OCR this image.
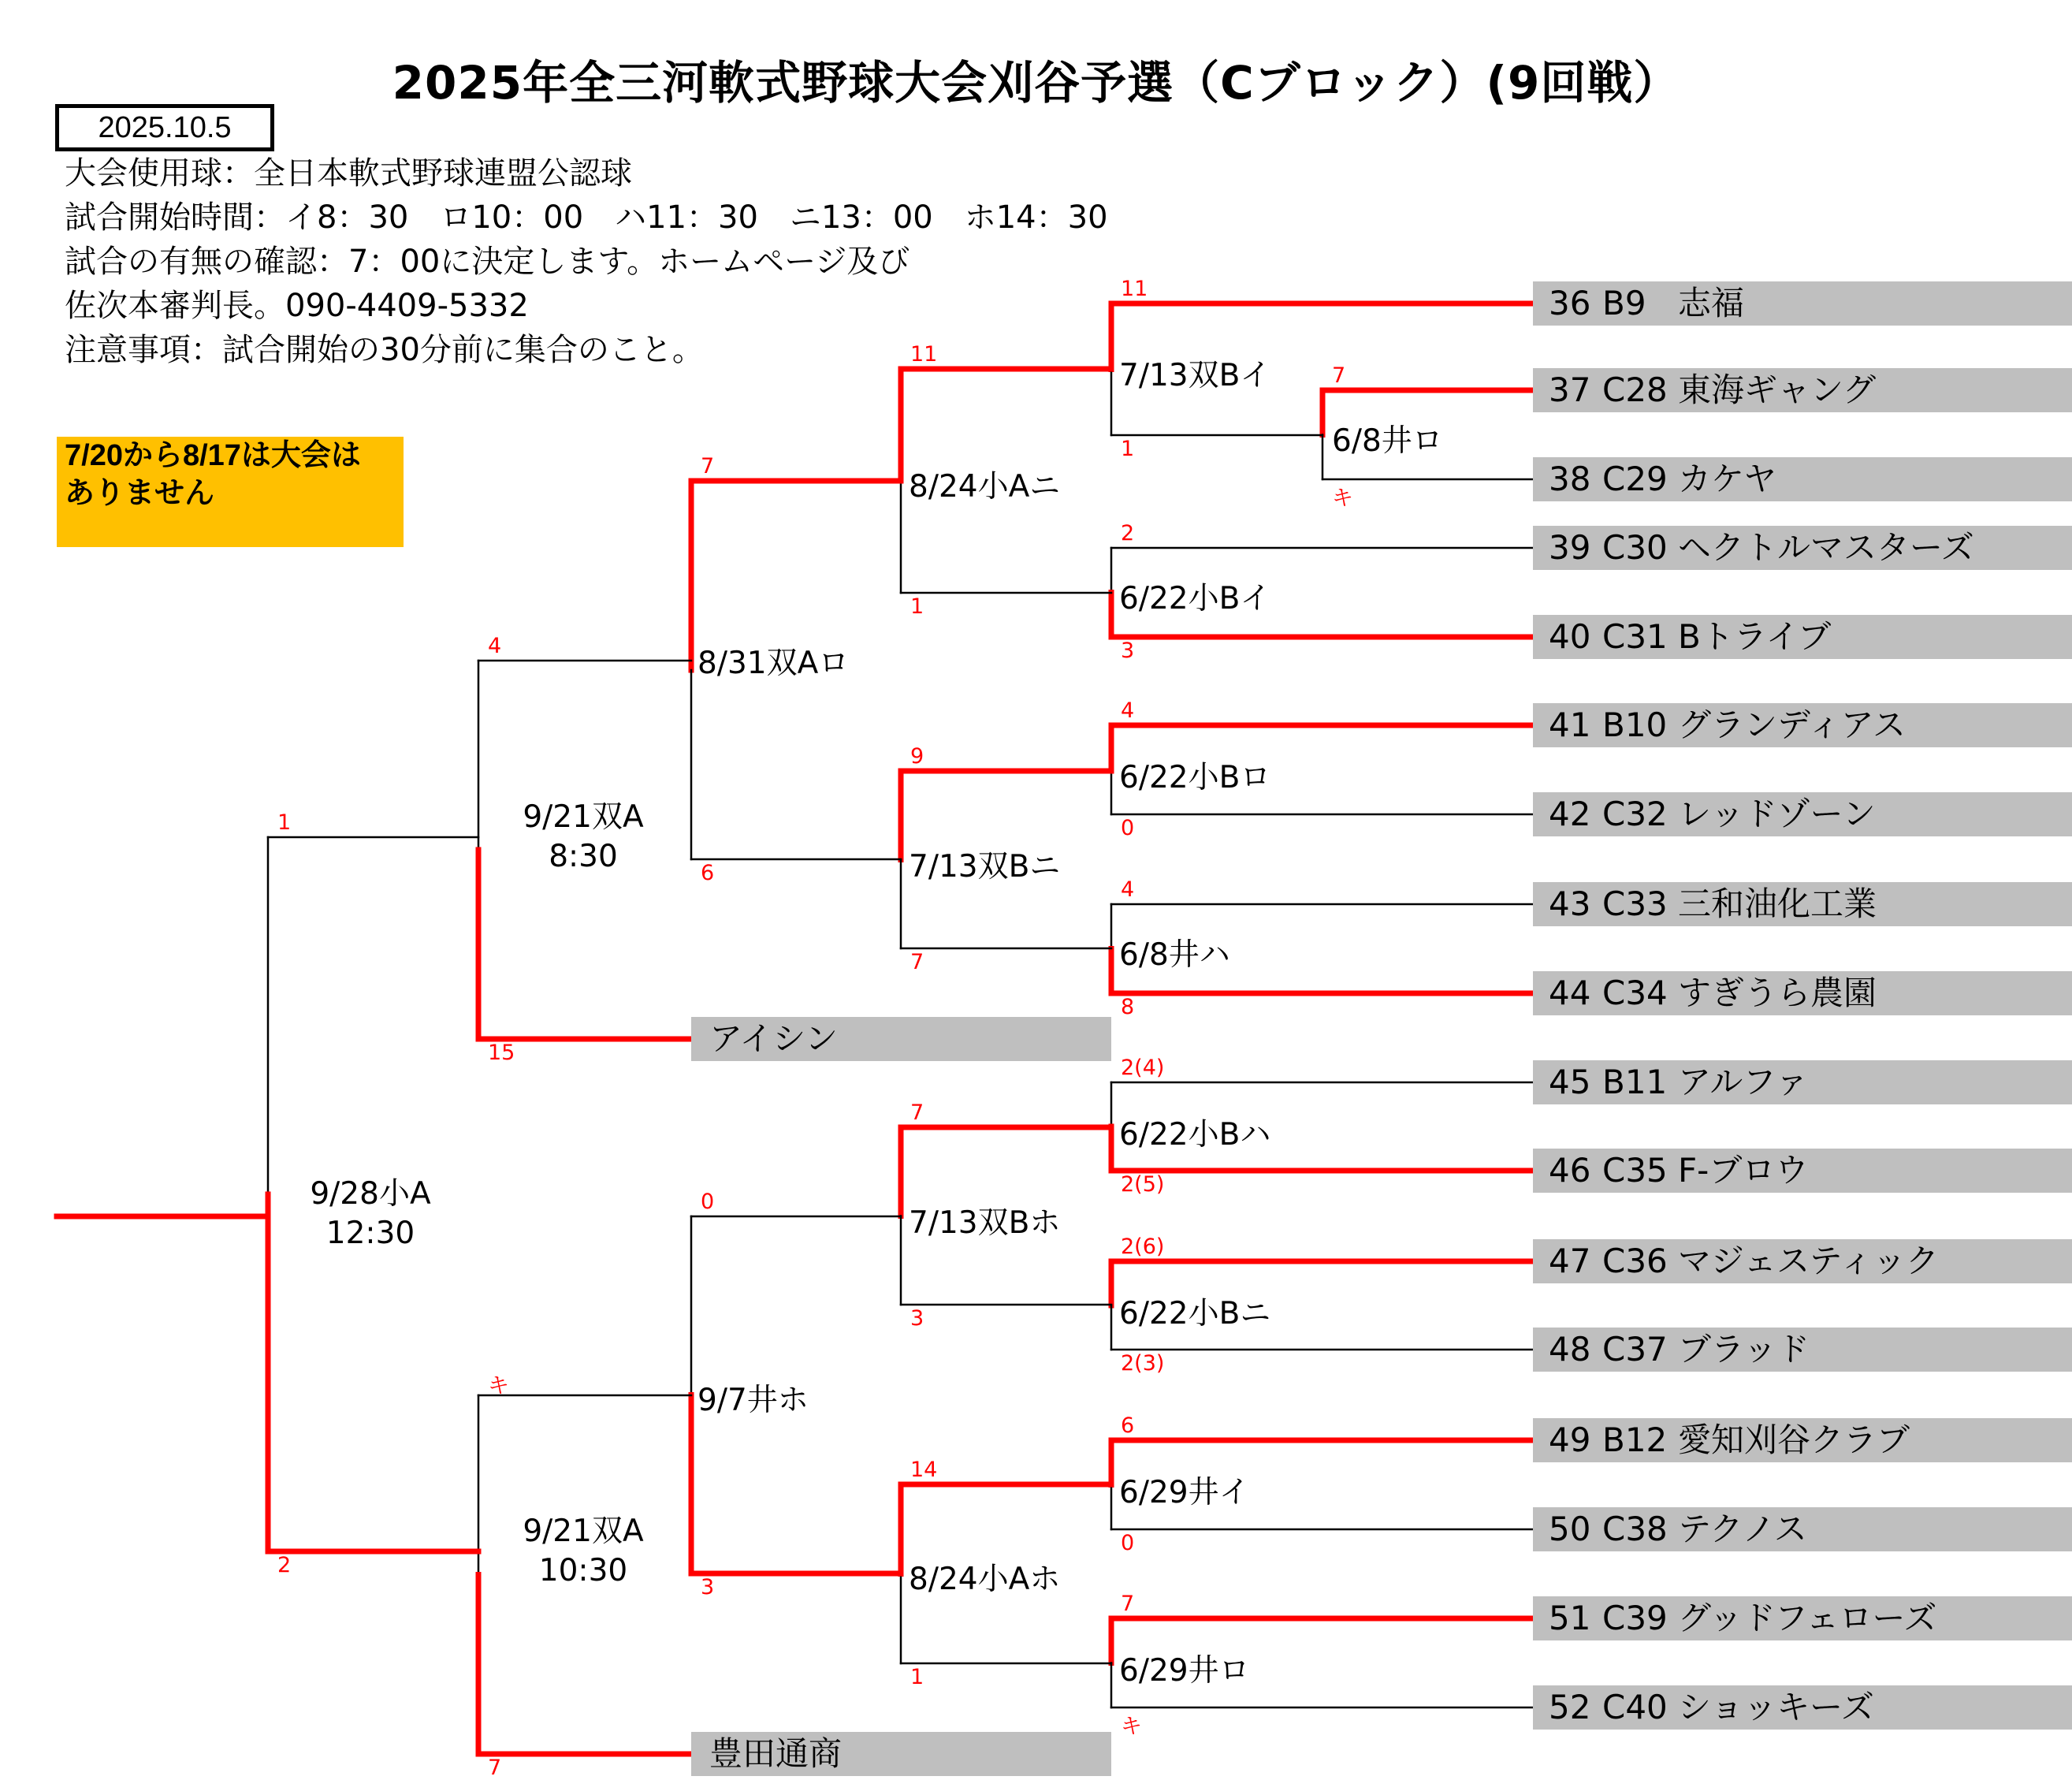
2025年全三河軟式野球大会刈谷予選（Cブロック）(9回戦）
2025.10.5
大会使用球：全日本軟式野球連盟公認球
試合開始時間：イ8：30　ロ10：00　ハ11：30　ニ13：00　ホ14：30
試合の有無の確認：7：00に決定します。ホームページ及び
佐次本審判長。090-4409-5332
注意事項：試合開始の30分前に集合のこと。
7/20から8/17は大会は
ありません
36 B9 志福
37 C28 東海ギャング
38 C29 カケヤ
39 C30 ヘクトルマスターズ
40 C31 Bトライブ
41 B10 グランディアス
42 C32 レッドゾーン
43 C33 三和油化工業
44 C34 すぎうら農園
45 B11 アルファ
46 C35 F-ブロウ
47 C36 マジェスティック
48 C37 ブラッド
49 B12 愛知刈谷クラブ
50 C38 テクノス
51 C39 グッドフェローズ
52 C40 ショッキーズ
アイシン
豊田通商
6/8井ロ
7
キ
6/22小Bイ
2
3
6/22小Bロ
4
0
6/8井ハ
4
8
6/22小Bハ
2(4)
2(5)
6/22小Bニ
2(6)
2(3)
6/29井イ
6
0
6/29井ロ
7
キ
7/13双Bイ
11
1
7/13双Bニ
9
7
7/13双Bホ
7
3
8/24小Aホ
14
1
8/24小Aニ
11
1
8/31双Aロ
7
6
9/7井ホ
0
3
9/21双A
8:30
4
15
9/21双A
10:30
キ
7
9/28小A
12:30
1
2
